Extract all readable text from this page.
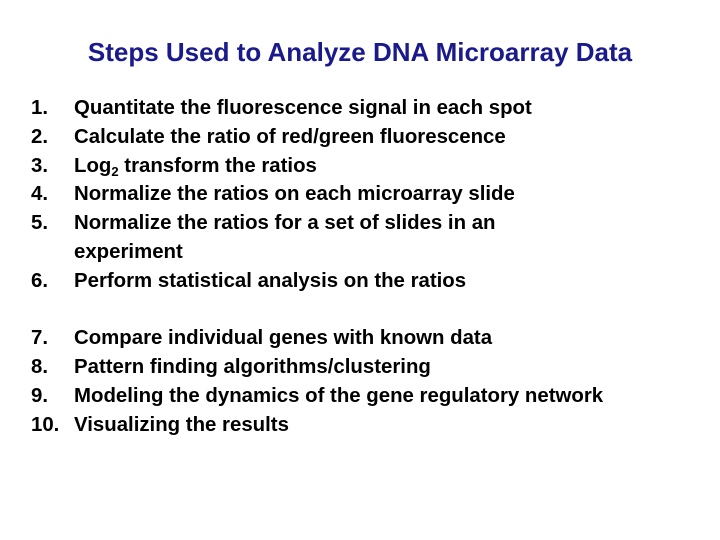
Steps Used to Analyze DNA Microarray Data
1.	Quantitate the fluorescence signal in each spot
2.	Calculate the ratio of red/green fluorescence
3.	Log$_2$ transform the ratios
4.	Normalize the ratios on each microarray slide
5.	Normalize the ratios for a set of slides in an experiment
6.	Perform statistical analysis on the ratios
7.	Compare individual genes with known data
8.	Pattern finding algorithms/clustering
9.	Modeling the dynamics of the gene regulatory network
10. Visualizing the results
